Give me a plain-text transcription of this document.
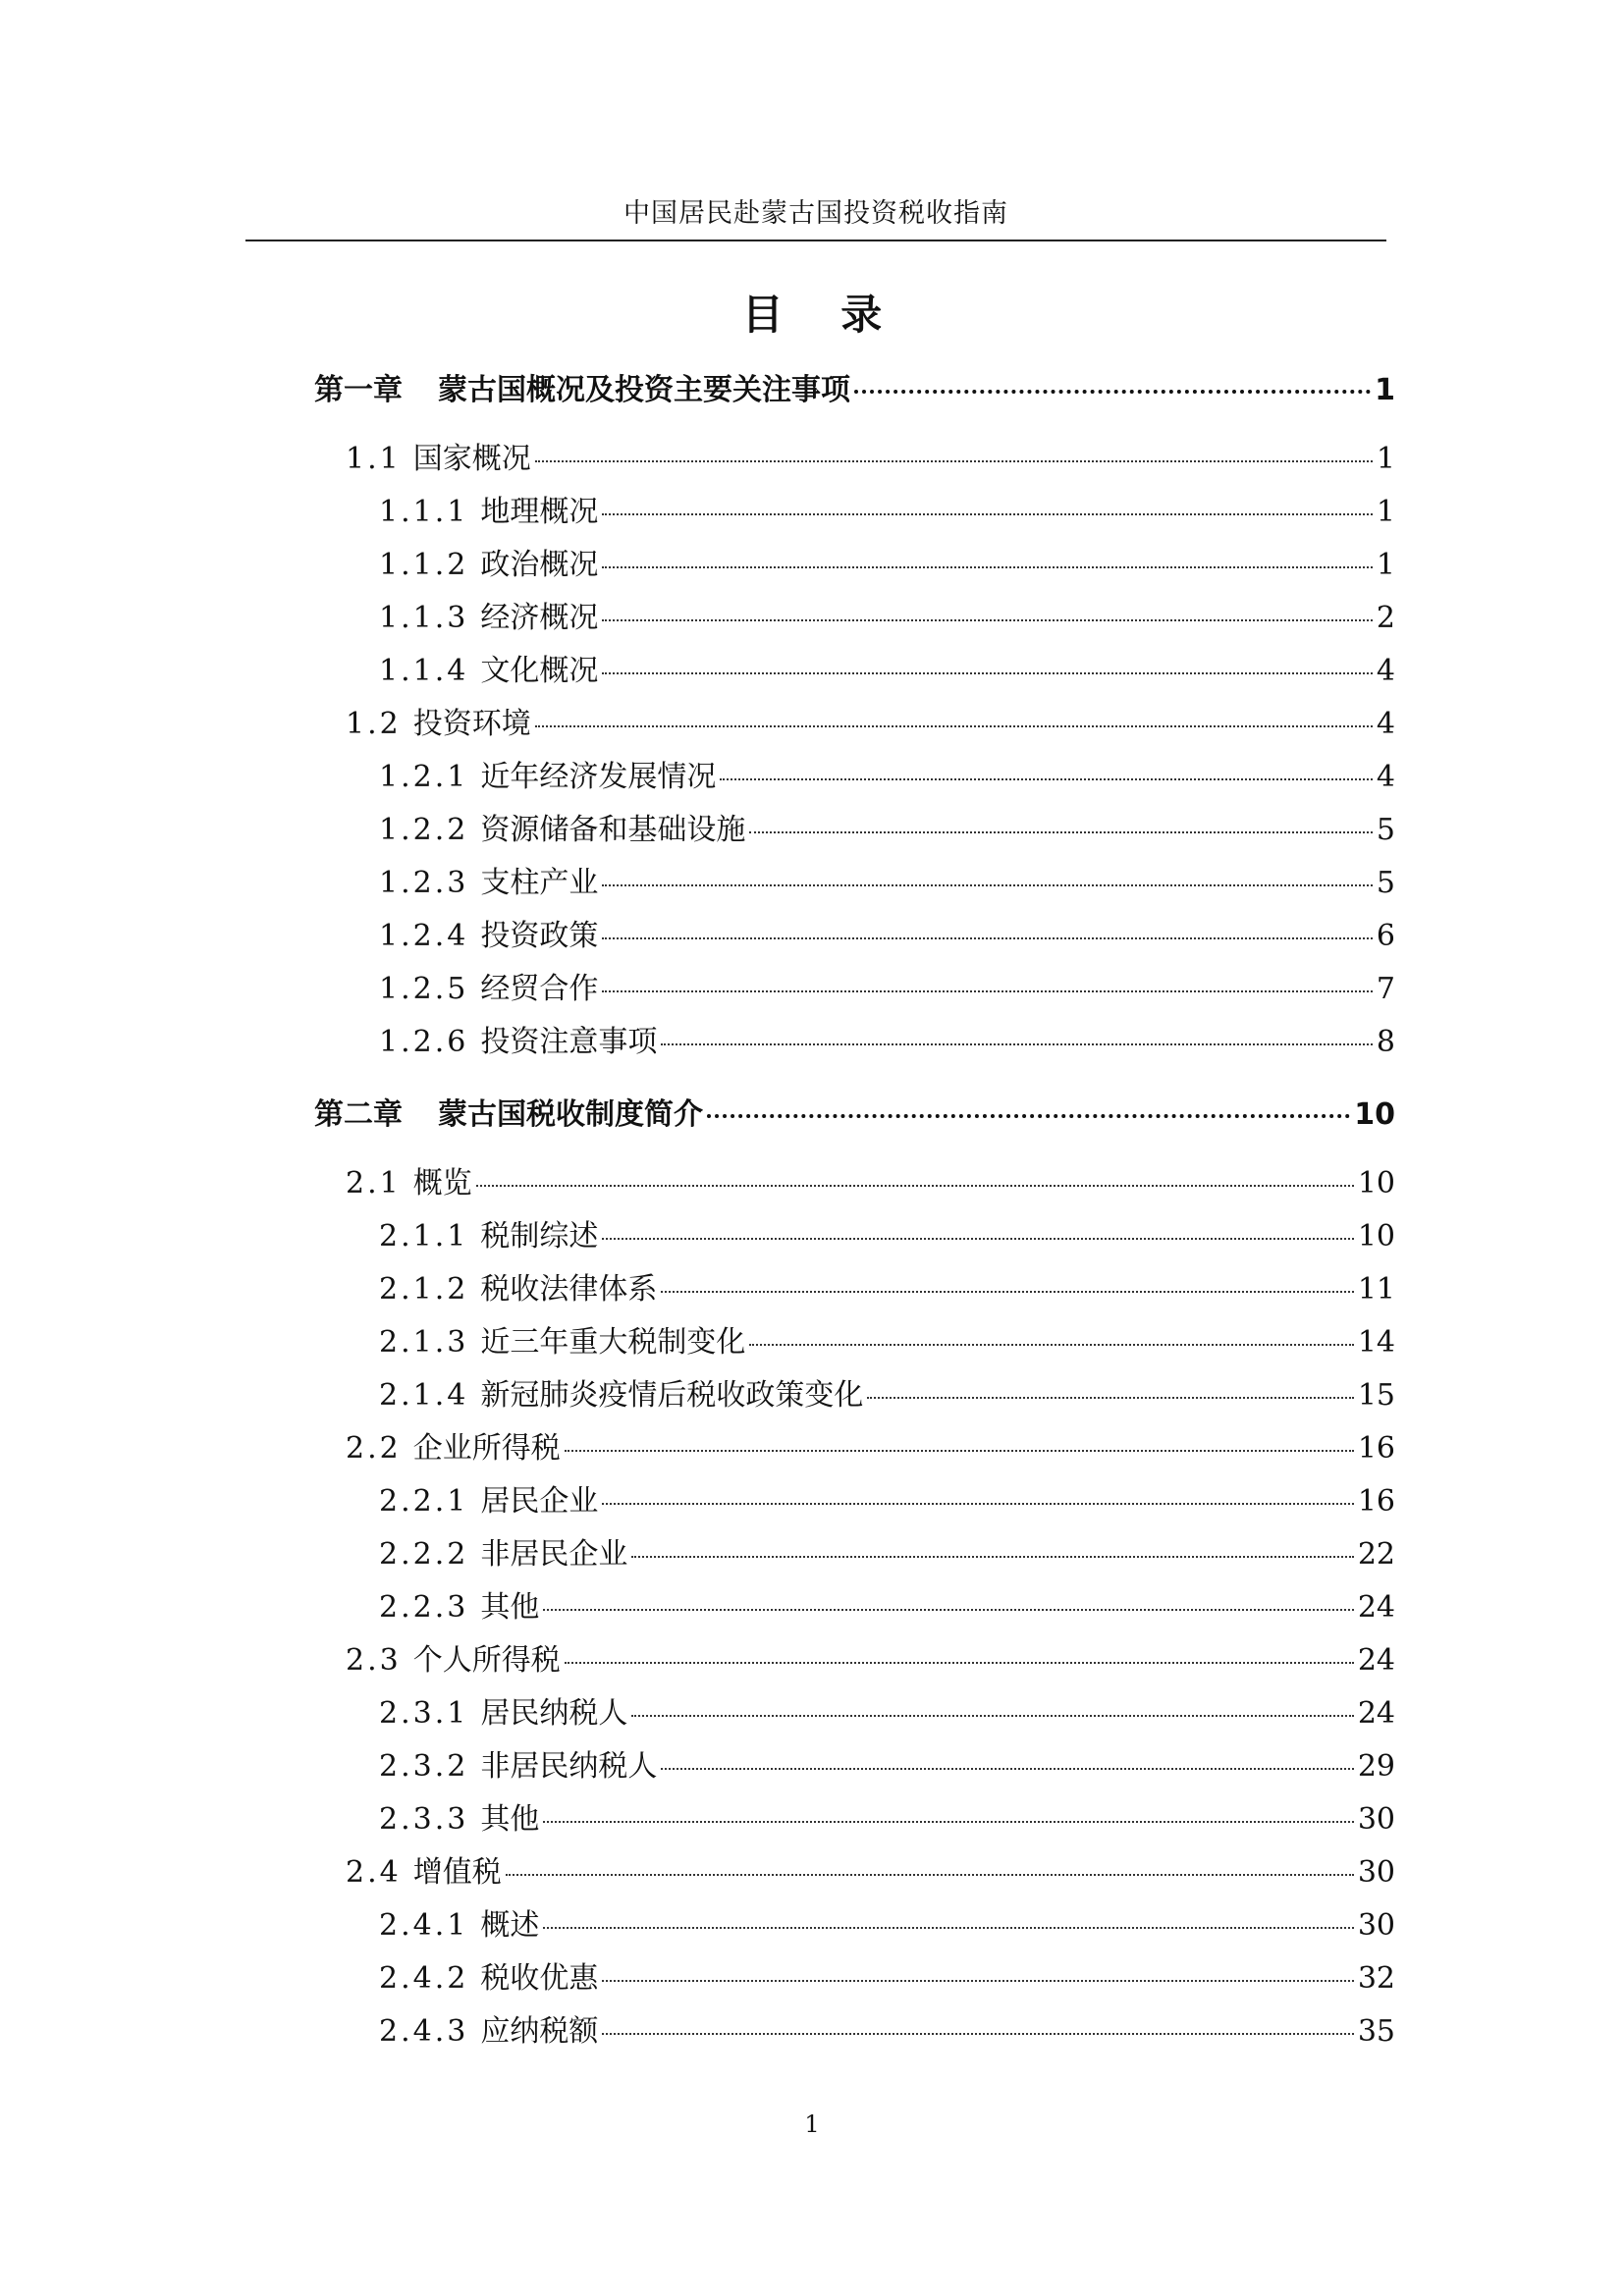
中国居民赴蒙古国投资税收指南
目    录
第一章 蒙古国概况及投资主要关注事项	1
1.1 国家概况	1
1.1.1 地理概况	1
1.1.2 政治概况	1
1.1.3 经济概况	2
1.1.4 文化概况	4
1.2 投资环境	4
1.2.1 近年经济发展情况	4
1.2.2 资源储备和基础设施	5
1.2.3 支柱产业	5
1.2.4 投资政策	6
1.2.5 经贸合作	7
1.2.6 投资注意事项	8
第二章 蒙古国税收制度简介	10
2.1 概览	10
2.1.1 税制综述	10
2.1.2 税收法律体系	11
2.1.3 近三年重大税制变化	14
2.1.4 新冠肺炎疫情后税收政策变化	15
2.2 企业所得税	16
2.2.1 居民企业	16
2.2.2 非居民企业	22
2.2.3 其他	24
2.3 个人所得税	24
2.3.1 居民纳税人	24
2.3.2 非居民纳税人	29
2.3.3 其他	30
2.4 增值税	30
2.4.1 概述	30
2.4.2 税收优惠	32
2.4.3 应纳税额	35
1
